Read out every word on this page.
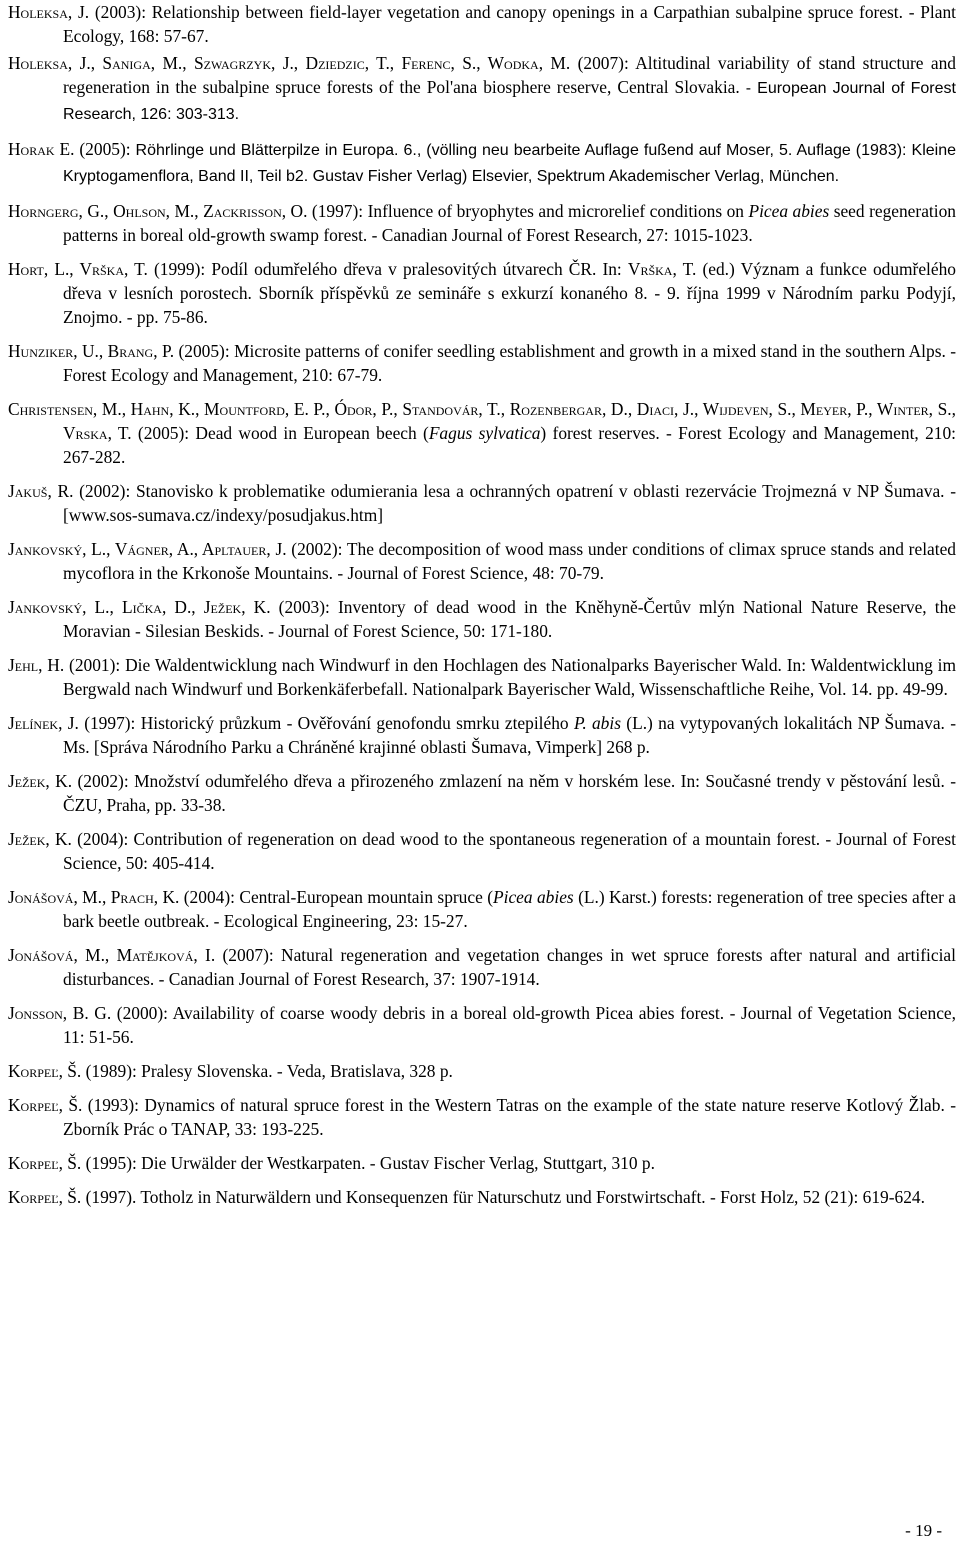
Holeksa, J. (2003): Relationship between field-layer vegetation and canopy openings in a Carpathian subalpine spruce forest. - Plant Ecology, 168: 57-67.

Holeksa, J., Saniga, M., Szwagrzyk, J., Dziedzic, T., Ferenc, S., Wodka, M. (2007): Altitudinal variability of stand structure and regeneration in the subalpine spruce forests of the Pol'ana biosphere reserve, Central Slovakia. - European Journal of Forest Research, 126: 303-313.

Horak E. (2005): Röhrlinge und Blätterpilze in Europa. 6., (völling neu bearbeite Auflage fußend auf Moser, 5. Auflage (1983): Kleine Kryptogamenflora, Band II, Teil b2. Gustav Fisher Verlag) Elsevier, Spektrum Akademischer Verlag, München.

Horngerg, G., Ohlson, M., Zackrisson, O. (1997): Influence of bryophytes and microrelief conditions on Picea abies seed regeneration patterns in boreal old-growth swamp forest. - Canadian Journal of Forest Research, 27: 1015-1023.

Hort, L., Vrška, T. (1999): Podíl odumřelého dřeva v pralesovitých útvarech ČR. In: Vrška, T. (ed.) Význam a funkce odumřelého dřeva v lesních porostech. Sborník příspěvků ze semináře s exkurzí konaného 8. - 9. října 1999 v Národním parku Podyjí, Znojmo. - pp. 75-86.

Hunziker, U., Brang, P. (2005): Microsite patterns of conifer seedling establishment and growth in a mixed stand in the southern Alps. - Forest Ecology and Management, 210: 67-79.

Christensen, M., Hahn, K., Mountford, E. P., Ódor, P., Standovár, T., Rozenbergar, D., Diaci, J., Wijdeven, S., Meyer, P., Winter, S., Vrska, T. (2005): Dead wood in European beech (Fagus sylvatica) forest reserves. - Forest Ecology and Management, 210: 267-282.

Jakuš, R. (2002): Stanovisko k problematike odumierania lesa a ochranných opatrení v oblasti rezervácie Trojmezná v NP Šumava. - [www.sos-sumava.cz/indexy/posudjakus.htm]

Jankovský, L., Vágner, A., Apltauer, J. (2002): The decomposition of wood mass under conditions of climax spruce stands and related mycoflora in the Krkonoše Mountains. - Journal of Forest Science, 48: 70-79.

Jankovský, L., Lička, D., Ježek, K. (2003): Inventory of dead wood in the Kněhyně-Čertův mlýn National Nature Reserve, the Moravian - Silesian Beskids. - Journal of Forest Science, 50: 171-180.

Jehl, H. (2001): Die Waldentwicklung nach Windwurf in den Hochlagen des Nationalparks Bayerischer Wald. In: Waldentwicklung im Bergwald nach Windwurf und Borkenkäferbefall. Nationalpark Bayerischer Wald, Wissenschaftliche Reihe, Vol. 14. pp. 49-99.

Jelínek, J. (1997): Historický průzkum - Ověřování genofondu smrku ztepilého P. abis (L.) na vytypovaných lokalitách NP Šumava. - Ms. [Správa Národního Parku a Chráněné krajinné oblasti Šumava, Vimperk] 268 p.

Ježek, K. (2002): Množství odumřelého dřeva a přirozeného zmlazení na něm v horském lese. In: Současné trendy v pěstování lesů. - ČZU, Praha, pp. 33-38.

Ježek, K. (2004): Contribution of regeneration on dead wood to the spontaneous regeneration of a mountain forest. - Journal of Forest Science, 50: 405-414.

Jonášová, M., Prach, K. (2004): Central-European mountain spruce (Picea abies (L.) Karst.) forests: regeneration of tree species after a bark beetle outbreak. - Ecological Engineering, 23: 15-27.

Jonášová, M., Matějková, I. (2007): Natural regeneration and vegetation changes in wet spruce forests after natural and artificial disturbances. - Canadian Journal of Forest Research, 37: 1907-1914.

Jonsson, B. G. (2000): Availability of coarse woody debris in a boreal old-growth Picea abies forest. - Journal of Vegetation Science, 11: 51-56.

Korpeľ, Š. (1989): Pralesy Slovenska. - Veda, Bratislava, 328 p.

Korpeľ, Š. (1993): Dynamics of natural spruce forest in the Western Tatras on the example of the state nature reserve Kotlový Žlab. - Zborník Prác o TANAP, 33: 193-225.

Korpeľ, Š. (1995): Die Urwälder der Westkarpaten. - Gustav Fischer Verlag, Stuttgart, 310 p.

Korpeľ, Š. (1997). Totholz in Naturwäldern und Konsequenzen für Naturschutz und Forstwirtschaft. - Forst Holz, 52 (21): 619-624.

- 19 -
